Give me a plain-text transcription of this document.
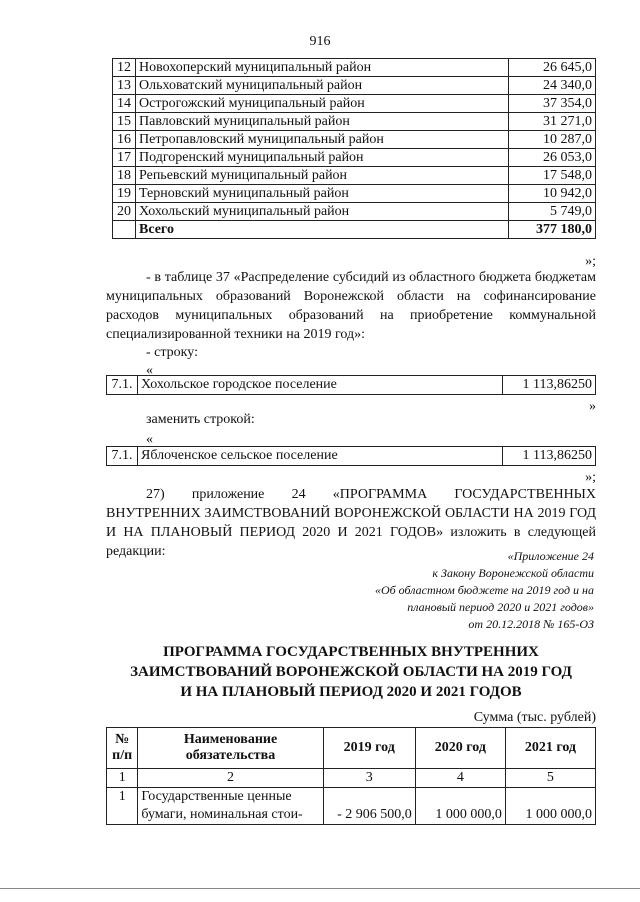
916
12	Новохоперский муниципальный район	26 645,0
13	Ольховатский муниципальный район	24 340,0
14	Острогожский муниципальный район	37 354,0
15	Павловский муниципальный район	31 271,0
16	Петропавловский муниципальный район	10 287,0
17	Подгоренский муниципальный район	26 053,0
18	Репьевский муниципальный район	17 548,0
19	Терновский муниципальный район	10 942,0
20	Хохольский муниципальный район	5 749,0
	Всего	377 180,0
»;
- в таблице 37 «Распределение субсидий из областного бюджета бюджетам муниципальных образований Воронежской области на софинансирование расходов муниципальных образований на приобретение коммунальной специализированной техники на 2019 год»:
- строку:
«
7.1.	Хохольское городское поселение	1 113,86250
»
заменить строкой:
«
7.1.	Яблоченское сельское поселение	1 113,86250
»;
27) приложение 24 «ПРОГРАММА ГОСУДАРСТВЕННЫХ ВНУТРЕННИХ ЗАИМСТВОВАНИЙ ВОРОНЕЖСКОЙ ОБЛАСТИ НА 2019 ГОД И НА ПЛАНОВЫЙ ПЕРИОД 2020 И 2021 ГОДОВ» изложить в следующей редакции:	«Приложение 24
к Закону Воронежской области
«Об областном бюджете на 2019 год и на
плановый период 2020 и 2021 годов»
от 20.12.2018 № 165-ОЗ
ПРОГРАММА ГОСУДАРСТВЕННЫХ ВНУТРЕННИХ
ЗАИМСТВОВАНИЙ ВОРОНЕЖСКОЙ ОБЛАСТИ НА 2019 ГОД
И НА ПЛАНОВЫЙ ПЕРИОД 2020 И 2021 ГОДОВ
Сумма (тыс. рублей)
№ п/п	Наименование обязательства	2019 год	2020 год	2021 год
1	2	3	4	5
1	Государственные ценные бумаги, номинальная стои-	- 2 906 500,0	1 000 000,0	1 000 000,0
